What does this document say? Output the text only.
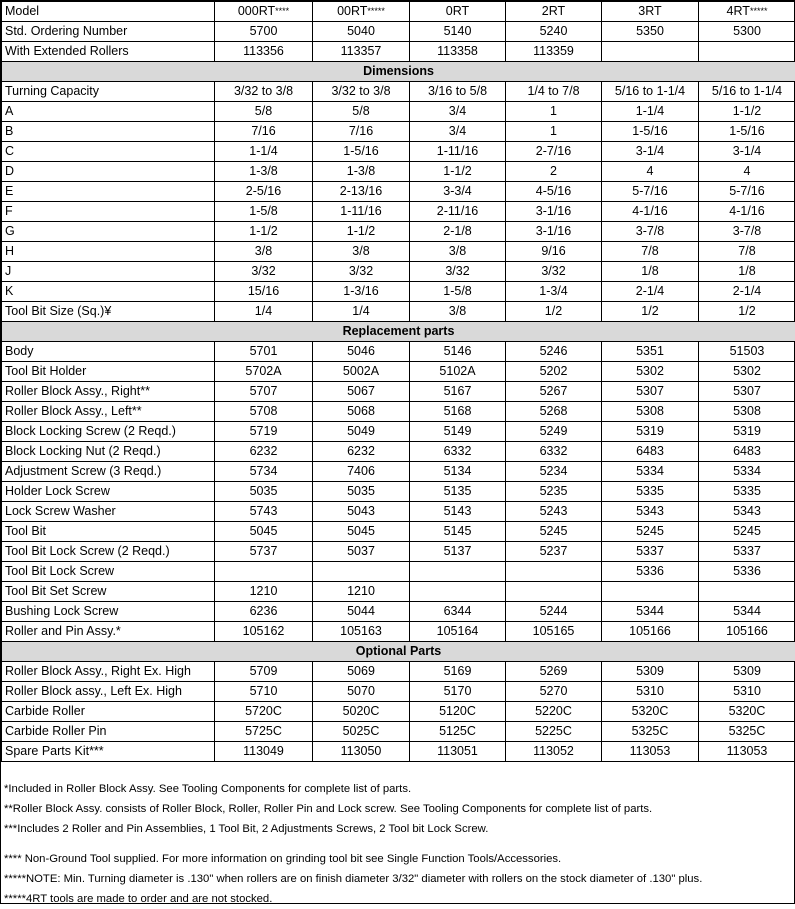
Model	000RT****	00RT*****	0RT	2RT	3RT	4RT*****
Std. Ordering Number	5700	5040	5140	5240	5350	5300
With Extended Rollers	113356	113357	113358	113359		
Dimensions						
Turning Capacity	3/32 to 3/8	3/32 to 3/8	3/16 to 5/8	1/4 to 7/8	5/16 to 1-1/4	5/16 to 1-1/4
A	5/8	5/8	3/4	1	1-1/4	1-1/2
B	7/16	7/16	3/4	1	1-5/16	1-5/16
C	1-1/4	1-5/16	1-11/16	2-7/16	3-1/4	3-1/4
D	1-3/8	1-3/8	1-1/2	2	4	4
E	2-5/16	2-13/16	3-3/4	4-5/16	5-7/16	5-7/16
F	1-5/8	1-11/16	2-11/16	3-1/16	4-1/16	4-1/16
G	1-1/2	1-1/2	2-1/8	3-1/16	3-7/8	3-7/8
H	3/8	3/8	3/8	9/16	7/8	7/8
J	3/32	3/32	3/32	3/32	1/8	1/8
K	15/16	1-3/16	1-5/8	1-3/4	2-1/4	2-1/4
Tool Bit Size (Sq.)¥	1/4	1/4	3/8	1/2	1/2	1/2
Replacement parts						
Body	5701	5046	5146	5246	5351	51503
Tool Bit Holder	5702A	5002A	5102A	5202	5302	5302
Roller Block Assy., Right**	5707	5067	5167	5267	5307	5307
Roller Block Assy., Left**	5708	5068	5168	5268	5308	5308
Block Locking Screw (2 Reqd.)	5719	5049	5149	5249	5319	5319
Block Locking Nut (2 Reqd.)	6232	6232	6332	6332	6483	6483
Adjustment Screw (3 Reqd.)	5734	7406	5134	5234	5334	5334
Holder Lock Screw	5035	5035	5135	5235	5335	5335
Lock Screw Washer	5743	5043	5143	5243	5343	5343
Tool Bit	5045	5045	5145	5245	5245	5245
Tool Bit Lock Screw (2 Reqd.)	5737	5037	5137	5237	5337	5337
Tool Bit Lock Screw					5336	5336
Tool Bit Set Screw	1210	1210				
Bushing Lock Screw	6236	5044	6344	5244	5344	5344
Roller and Pin Assy.*	105162	105163	105164	105165	105166	105166
Optional Parts						
Roller Block Assy., Right Ex. High	5709	5069	5169	5269	5309	5309
Roller Block assy., Left Ex. High	5710	5070	5170	5270	5310	5310
Carbide Roller	5720C	5020C	5120C	5220C	5320C	5320C
Carbide Roller Pin	5725C	5025C	5125C	5225C	5325C	5325C
Spare Parts Kit***	113049	113050	113051	113052	113053	113053
*Included in Roller Block Assy. See Tooling Components for complete list of parts.
**Roller Block Assy. consists of Roller Block, Roller, Roller Pin and Lock screw. See Tooling Components for complete list of parts.
***Includes 2 Roller and Pin Assemblies, 1 Tool Bit, 2 Adjustments Screws, 2 Tool bit Lock Screw.
**** Non-Ground Tool supplied. For more information on grinding tool bit see Single Function Tools/Accessories.
*****NOTE: Min. Turning diameter is .130" when rollers are on finish diameter 3/32" diameter with rollers on the stock diameter of .130" plus.
*****4RT tools are made to order and are not stocked.
